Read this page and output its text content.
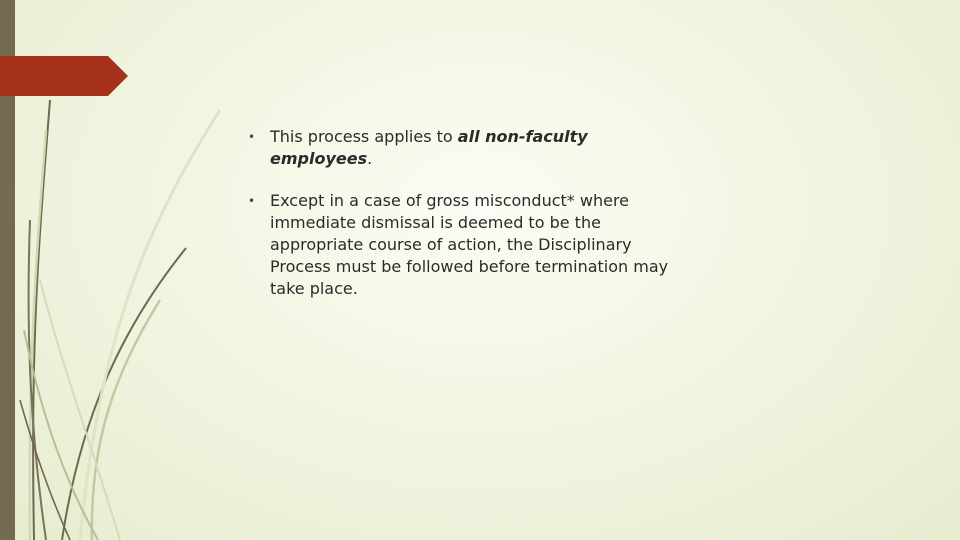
• This process applies to all non-faculty
employees.
• Except in a case of gross misconduct* where immediate dismissal is deemed to be the appropriate course of action, the Disciplinary Process must be followed before termination may take place.
